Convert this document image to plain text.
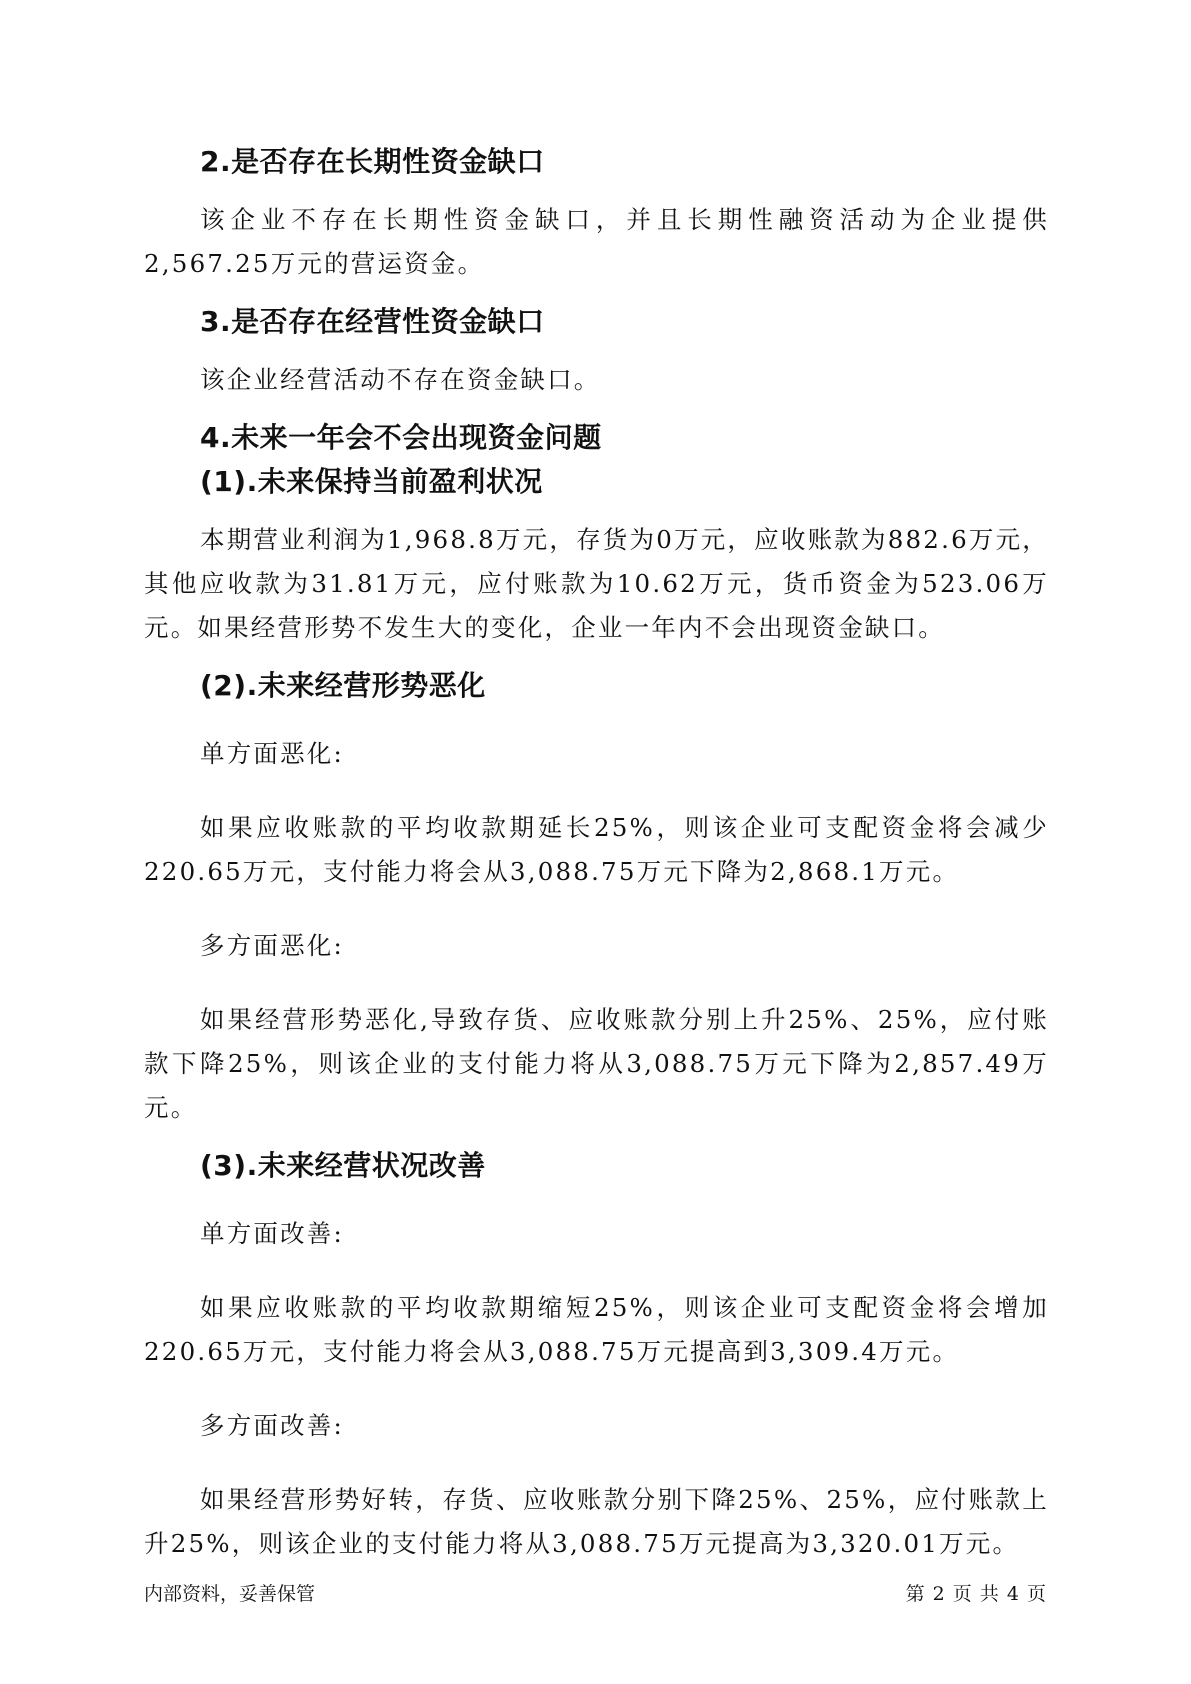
2.是否存在长期性资金缺口

该企业不存在长期性资金缺口，并且长期性融资活动为企业提供2,567.25万元的营运资金。

3.是否存在经营性资金缺口

该企业经营活动不存在资金缺口。

4.未来一年会不会出现资金问题
(1).未来保持当前盈利状况

本期营业利润为1,968.8万元，存货为0万元，应收账款为882.6万元，其他应收款为31.81万元，应付账款为10.62万元，货币资金为523.06万元。如果经营形势不发生大的变化，企业一年内不会出现资金缺口。

(2).未来经营形势恶化

单方面恶化:

如果应收账款的平均收款期延长25%，则该企业可支配资金将会减少220.65万元，支付能力将会从3,088.75万元下降为2,868.1万元。

多方面恶化:

如果经营形势恶化,导致存货、应收账款分别上升25%、25%，应付账款下降25%，则该企业的支付能力将从3,088.75万元下降为2,857.49万元。

(3).未来经营状况改善

单方面改善:

如果应收账款的平均收款期缩短25%，则该企业可支配资金将会增加220.65万元，支付能力将会从3,088.75万元提高到3,309.4万元。

多方面改善:

如果经营形势好转，存货、应收账款分别下降25%、25%，应付账款上升25%，则该企业的支付能力将从3,088.75万元提高为3,320.01万元。

内部资料，妥善保管	第 2 页 共 4 页
